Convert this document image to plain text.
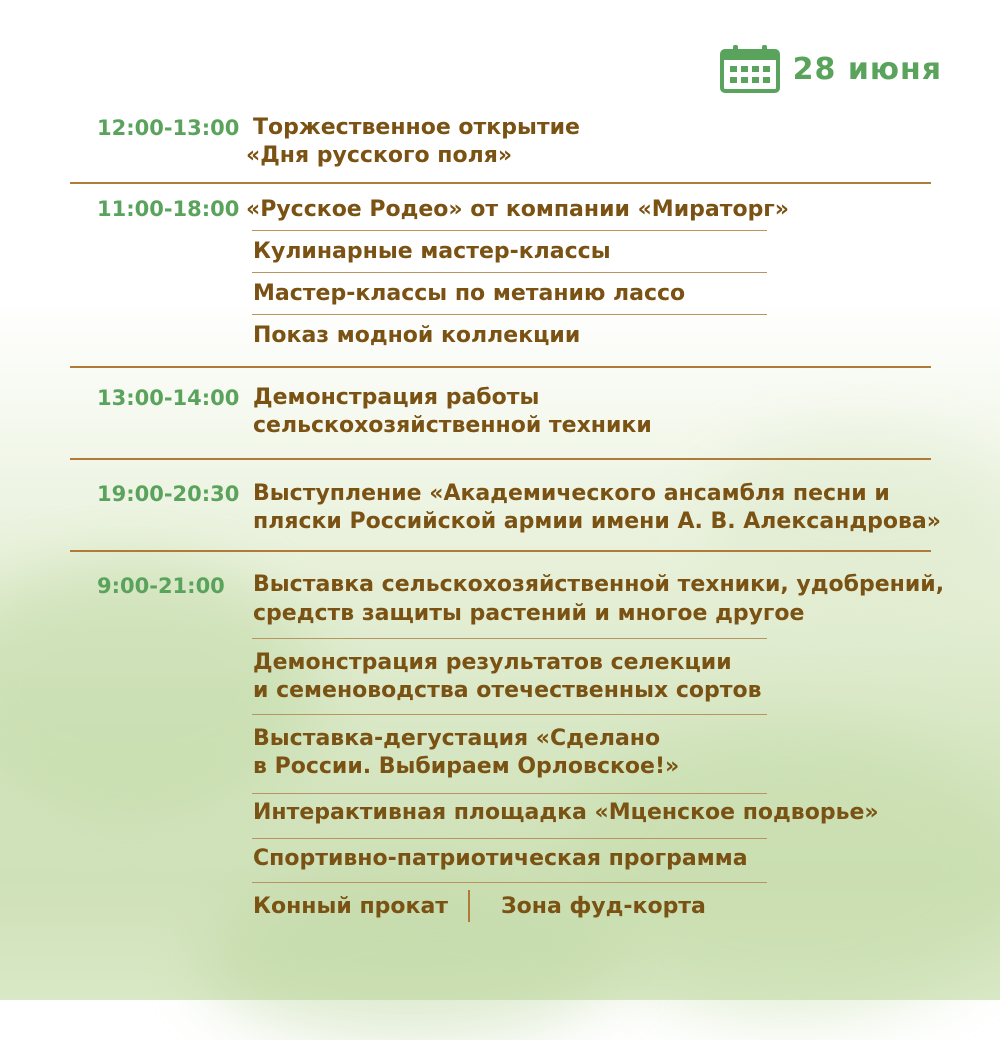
28 июня
12:00-13:00 Торжественное открытие
«Дня русского поля»
11:00-18:00 «Русское Родео» от компании «Мираторг»
Кулинарные мастер-классы
Мастер-классы по метанию лассо
Показ модной коллекции
13:00-14:00 Демонстрация работы
сельскохозяйственной техники
19:00-20:30 Выступление «Академического ансамбля песни и
пляски Российской армии имени А. В. Александрова»
9:00-21:00 Выставка сельскохозяйственной техники, удобрений,
средств защиты растений и многое другое
Демонстрация результатов селекции
и семеноводства отечественных сортов
Выставка-дегустация «Сделано
в России. Выбираем Орловское!»
Интерактивная площадка «Мценское подворье»
Спортивно-патриотическая программа
Конный прокат Зона фуд-корта
